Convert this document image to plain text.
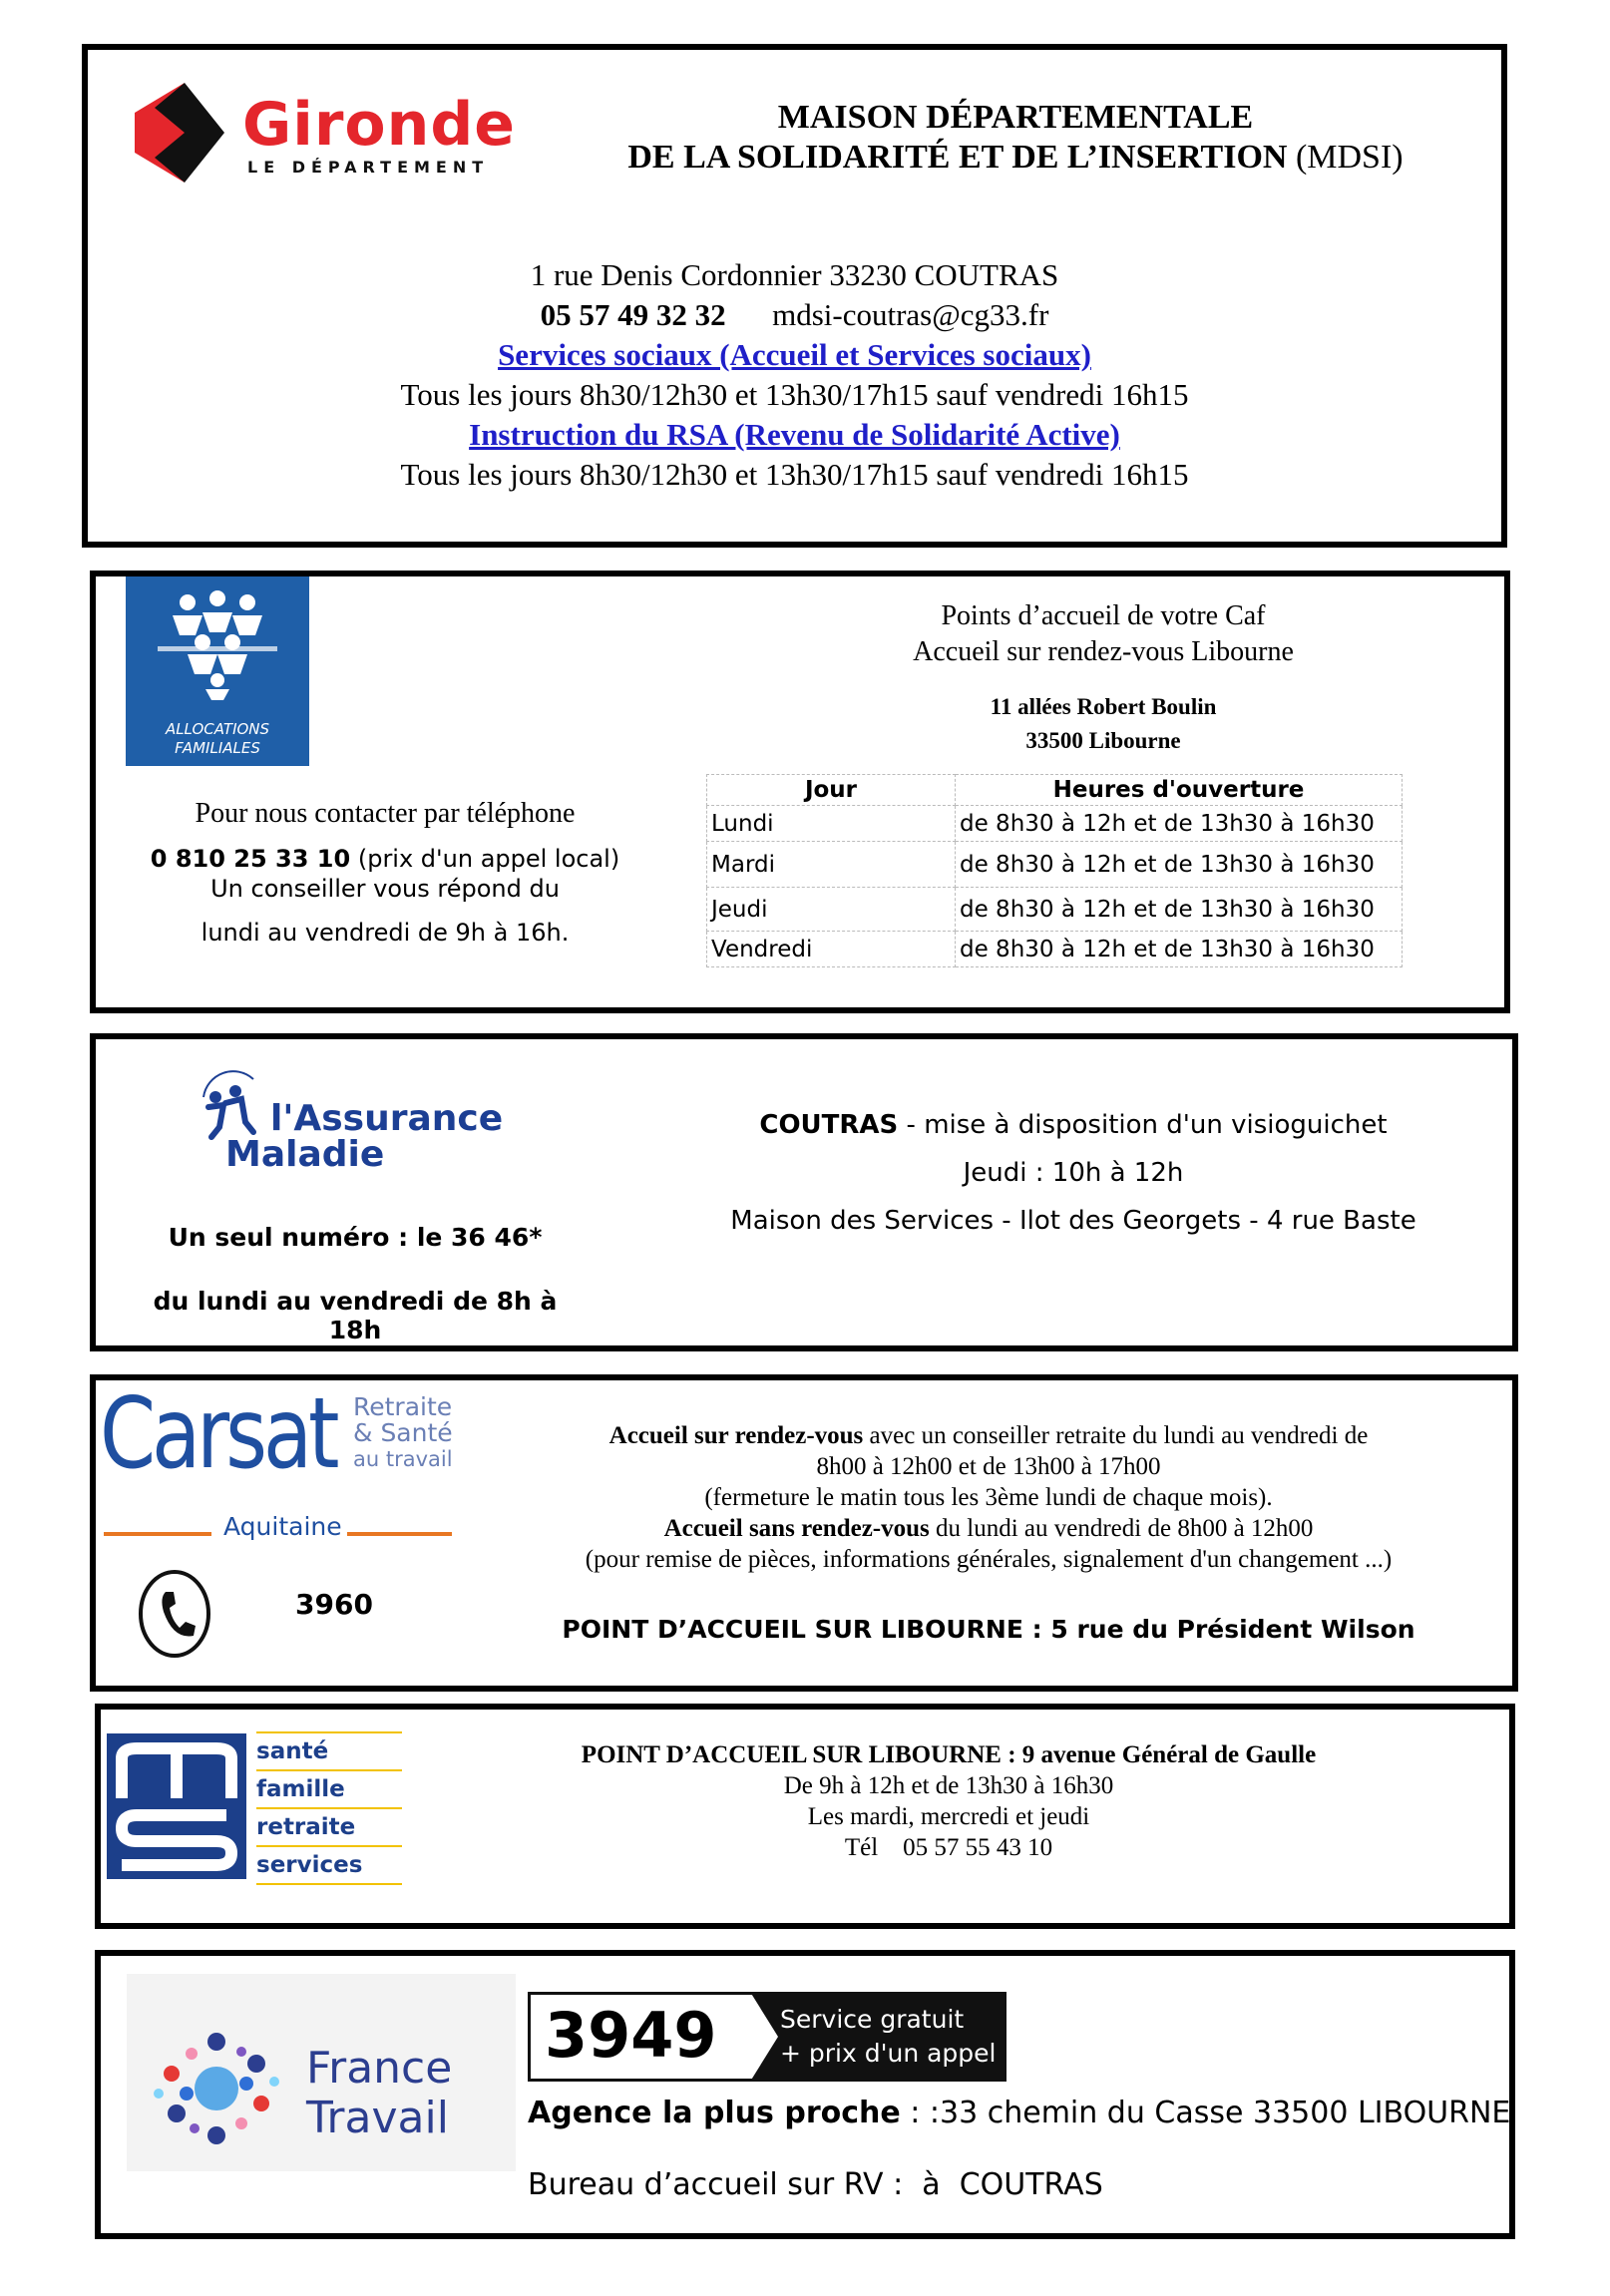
Gironde
LE DÉPARTEMENT
MAISON DÉPARTEMENTALE
DE LA SOLIDARITÉ ET DE L’INSERTION (MDSI)
1 rue Denis Cordonnier 33230 COUTRAS
05 57 49 32 32 mdsi-coutras@cg33.fr
Services sociaux (Accueil et Services sociaux)
Tous les jours 8h30/12h30 et 13h30/17h15 sauf vendredi 16h15
Instruction du RSA (Revenu de Solidarité Active)
Tous les jours 8h30/12h30 et 13h30/17h15 sauf vendredi 16h15
ALLOCATIONS
FAMILIALES
Pour nous contacter par téléphone
0 810 25 33 10 (prix d'un appel local)
Un conseiller vous répond du
lundi au vendredi de 9h à 16h.
Points d’accueil de votre Caf
Accueil sur rendez-vous Libourne
11 allées Robert Boulin
33500 Libourne
Jour	Heures d'ouverture
Lundi	de 8h30 à 12h et de 13h30 à 16h30
Mardi	de 8h30 à 12h et de 13h30 à 16h30
Jeudi	de 8h30 à 12h et de 13h30 à 16h30
Vendredi	de 8h30 à 12h et de 13h30 à 16h30
l'Assurance
Maladie
Un seul numéro : le 36 46*
du lundi au vendredi de 8h à 18h
COUTRAS - mise à disposition d'un visioguichet
Jeudi : 10h à 12h
Maison des Services - Ilot des Georgets - 4 rue Baste
Carsat Retraite
& Santé
au travail
Aquitaine
3960
Accueil sur rendez-vous avec un conseiller retraite du lundi au vendredi de
8h00 à 12h00 et de 13h00 à 17h00
(fermeture le matin tous les 3ème lundi de chaque mois).
Accueil sans rendez-vous du lundi au vendredi de 8h00 à 12h00
(pour remise de pièces, informations générales, signalement d'un changement ...)
POINT D’ACCUEIL SUR LIBOURNE : 5 rue du Président Wilson
santé
famille
retraite
services
POINT D’ACCUEIL SUR LIBOURNE : 9 avenue Général de Gaulle
De 9h à 12h et de 13h30 à 16h30
Les mardi, mercredi et jeudi
Tél    05 57 55 43 10
France
Travail
3949	Service gratuit
+ prix d'un appel
Agence la plus proche : :33 chemin du Casse 33500 LIBOURNE
Bureau d’accueil sur RV :  à  COUTRAS
